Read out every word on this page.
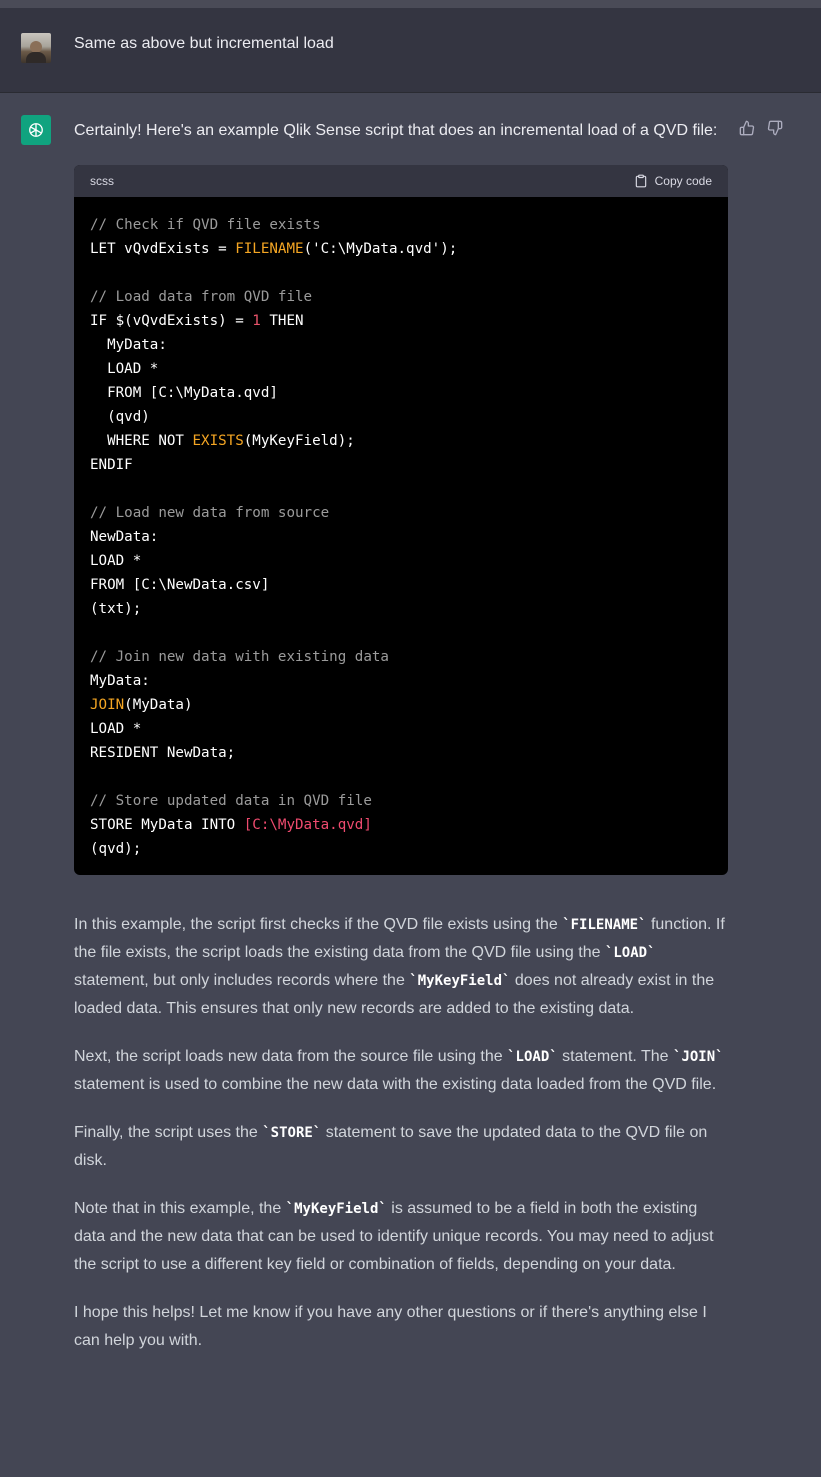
Same as above but incremental load

Certainly! Here's an example Qlik Sense script that does an incremental load of a QVD file:

scss	Copy code
// Check if QVD file exists
LET vQvdExists = FILENAME('C:\MyData.qvd');

// Load data from QVD file
IF $(vQvdExists) = 1 THEN
MyData:
LOAD *
FROM [C:\MyData.qvd]
(qvd)
WHERE NOT EXISTS(MyKeyField);
ENDIF

// Load new data from source
NewData:
LOAD *
FROM [C:\NewData.csv]
(txt);

// Join new data with existing data
MyData:
JOIN(MyData)
LOAD *
RESIDENT NewData;

// Store updated data in QVD file
STORE MyData INTO [C:\MyData.qvd]
(qvd);

In this example, the script first checks if the QVD file exists using the `FILENAME` function. If the file exists, the script loads the existing data from the QVD file using the `LOAD` statement, but only includes records where the `MyKeyField` does not already exist in the loaded data. This ensures that only new records are added to the existing data.

Next, the script loads new data from the source file using the `LOAD` statement. The `JOIN` statement is used to combine the new data with the existing data loaded from the QVD file.

Finally, the script uses the `STORE` statement to save the updated data to the QVD file on disk.

Note that in this example, the `MyKeyField` is assumed to be a field in both the existing data and the new data that can be used to identify unique records. You may need to adjust the script to use a different key field or combination of fields, depending on your data.

I hope this helps! Let me know if you have any other questions or if there's anything else I can help you with.
